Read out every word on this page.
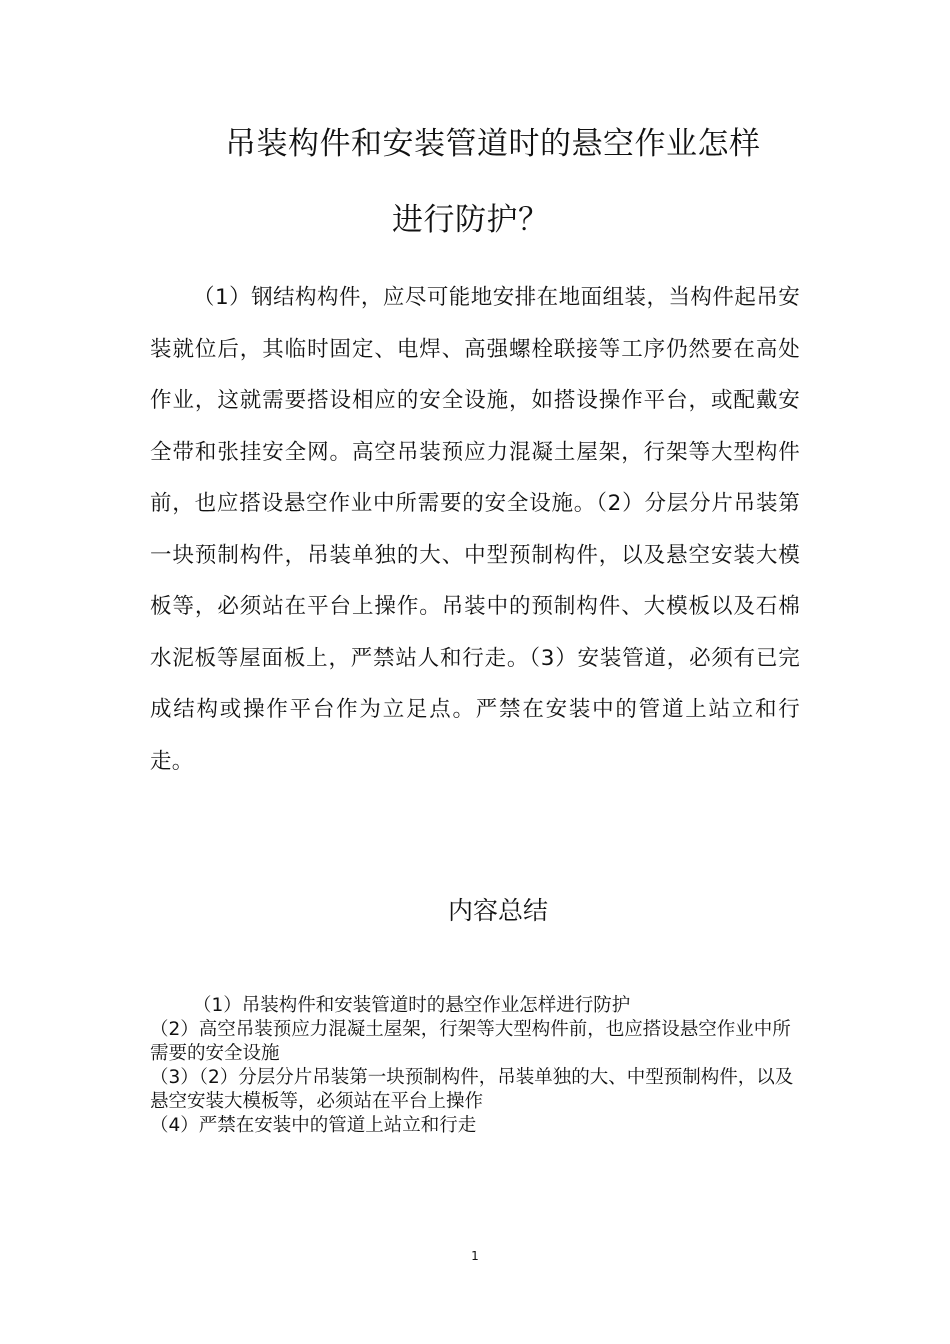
吊装构件和安装管道时的悬空作业怎样
进行防护？

（1）钢结构构件，应尽可能地安排在地面组装，当构件起吊安装就位后，其临时固定、电焊、高强螺栓联接等工序仍然要在高处作业，这就需要搭设相应的安全设施，如搭设操作平台，或配戴安全带和张挂安全网。高空吊装预应力混凝土屋架，行架等大型构件前，也应搭设悬空作业中所需要的安全设施。（2）分层分片吊装第一块预制构件，吊装单独的大、中型预制构件，以及悬空安装大模板等，必须站在平台上操作。吊装中的预制构件、大模板以及石棉水泥板等屋面板上，严禁站人和行走。（3）安装管道，必须有已完成结构或操作平台作为立足点。严禁在安装中的管道上站立和行走。

内容总结
（1）吊装构件和安装管道时的悬空作业怎样进行防护
（2）高空吊装预应力混凝土屋架，行架等大型构件前，也应搭设悬空作业中所需要的安全设施
（3）（2）分层分片吊装第一块预制构件，吊装单独的大、中型预制构件，以及悬空安装大模板等，必须站在平台上操作
（4）严禁在安装中的管道上站立和行走
1
